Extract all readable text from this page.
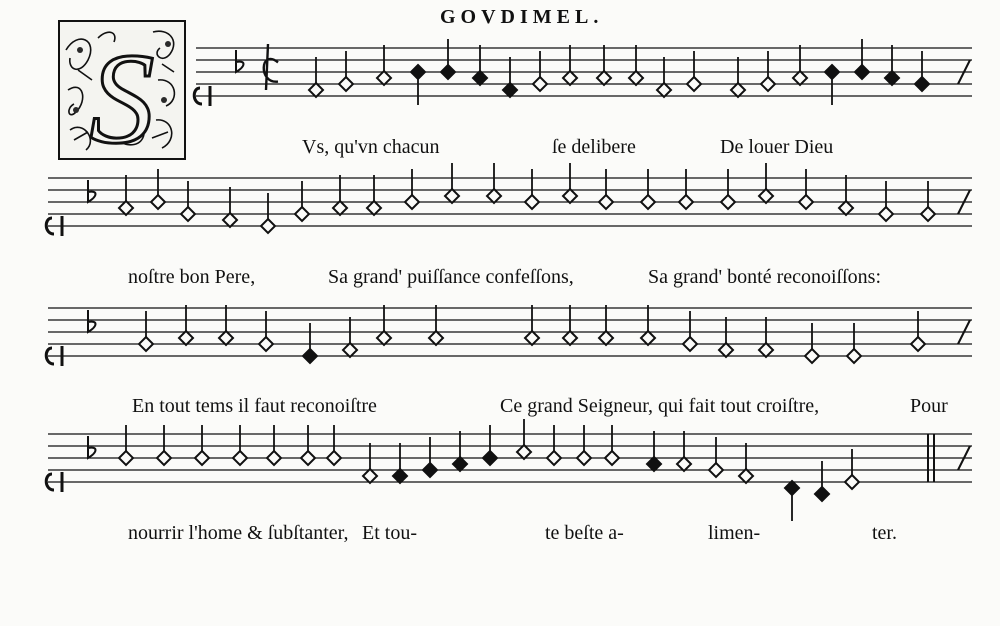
GOVDIMEL.
S	Vs, qu'vn chacun	ſe delibere	De louer Dieu
noſtre bon Pere,	Sa grand' puiſſance confeſſons,	Sa grand' bonté reconoiſſons:
En tout tems il faut reconoiſtre	Ce grand Seigneur, qui fait tout croiſtre,	Pour
nourrir l'home & ſubſtanter, Et tou-	te beſte a-	limen-	ter.
